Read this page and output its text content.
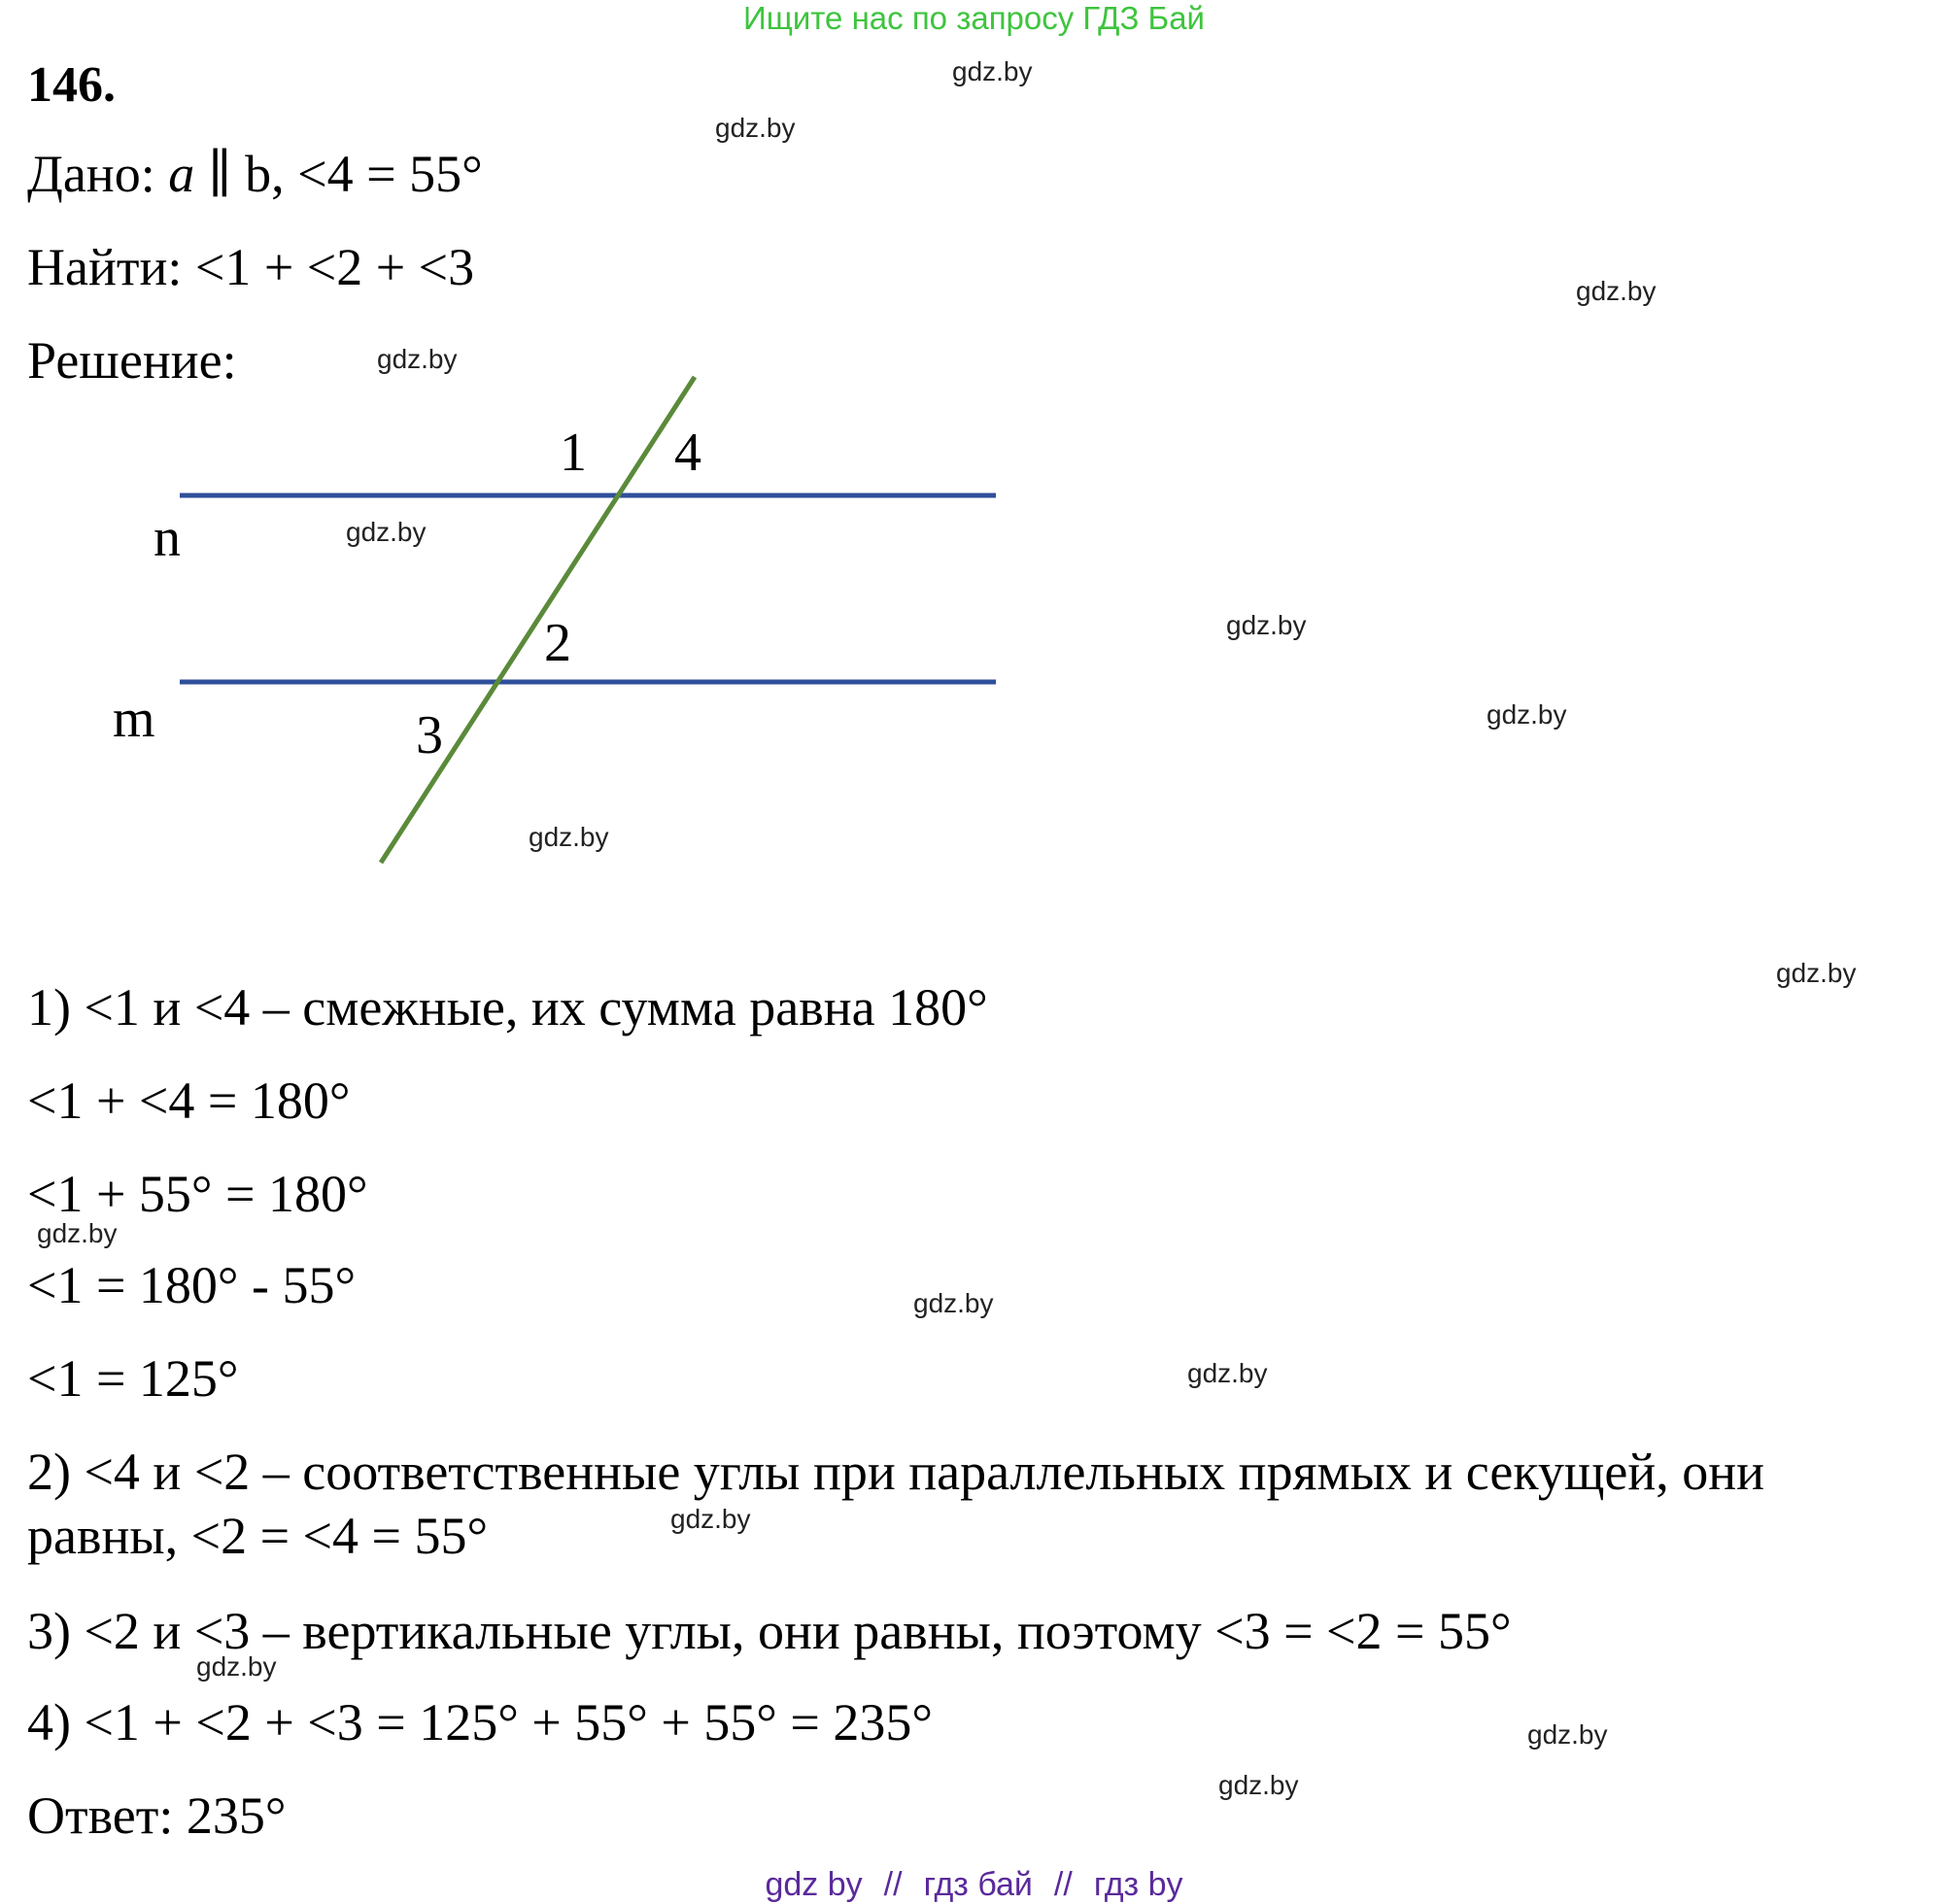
Ищите нас по запросу ГДЗ Бай
146.
Дано: a ∥ b, <4 = 55°
Найти: <1 + <2 + <3
Решение:
n
m
1 4
2
3
1) <1 и <4 – смежные, их сумма равна 180°
<1 + <4 = 180°
<1 + 55° = 180°
<1 = 180° - 55°
<1 = 125°
2) <4 и <2 – соответственные углы при параллельных прямых и секущей, они
равны, <2 = <4 = 55°
3) <2 и <3 – вертикальные углы, они равны, поэтому <3 = <2 = 55°
4) <1 + <2 + <3 = 125° + 55° + 55° = 235°
Ответ: 235°
gdz.by
gdz.by
gdz.by
gdz.by
gdz.by
gdz.by
gdz.by
gdz.by
gdz.by
gdz.by
gdz.by
gdz.by
gdz.by
gdz.by
gdz.by
gdz.by
gdz by // гдз бай // гдз by
